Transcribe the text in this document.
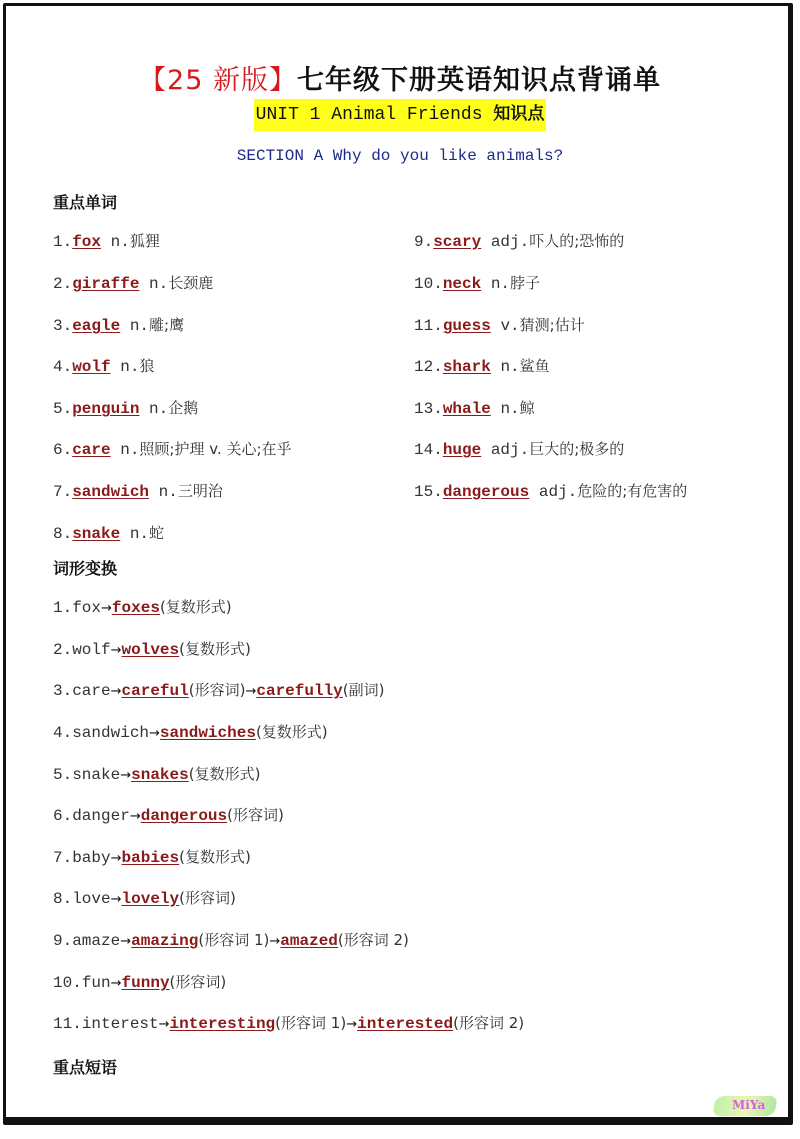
【25 新版】七年级下册英语知识点背诵单
UNIT 1 Animal Friends 知识点
SECTION A Why do you like animals?
重点单词
1.fox n.狐狸
2.giraffe n.长颈鹿
3.eagle n.雕;鹰
4.wolf n.狼
5.penguin n.企鹅
6.care n.照顾;护理 v. 关心;在乎
7.sandwich n.三明治
8.snake n.蛇
9.scary adj.吓人的;恐怖的
10.neck n.脖子
11.guess v.猜测;估计
12.shark n.鲨鱼
13.whale n.鲸
14.huge adj.巨大的;极多的
15.dangerous adj.危险的;有危害的
词形变换
1.fox→foxes(复数形式)
2.wolf→wolves(复数形式)
3.care→careful(形容词)→carefully(副词)
4.sandwich→sandwiches(复数形式)
5.snake→snakes(复数形式)
6.danger→dangerous(形容词)
7.baby→babies(复数形式)
8.love→lovely(形容词)
9.amaze→amazing(形容词 1)→amazed(形容词 2)
10.fun→funny(形容词)
11.interest→interesting(形容词 1)→interested(形容词 2)
重点短语
MiYa
